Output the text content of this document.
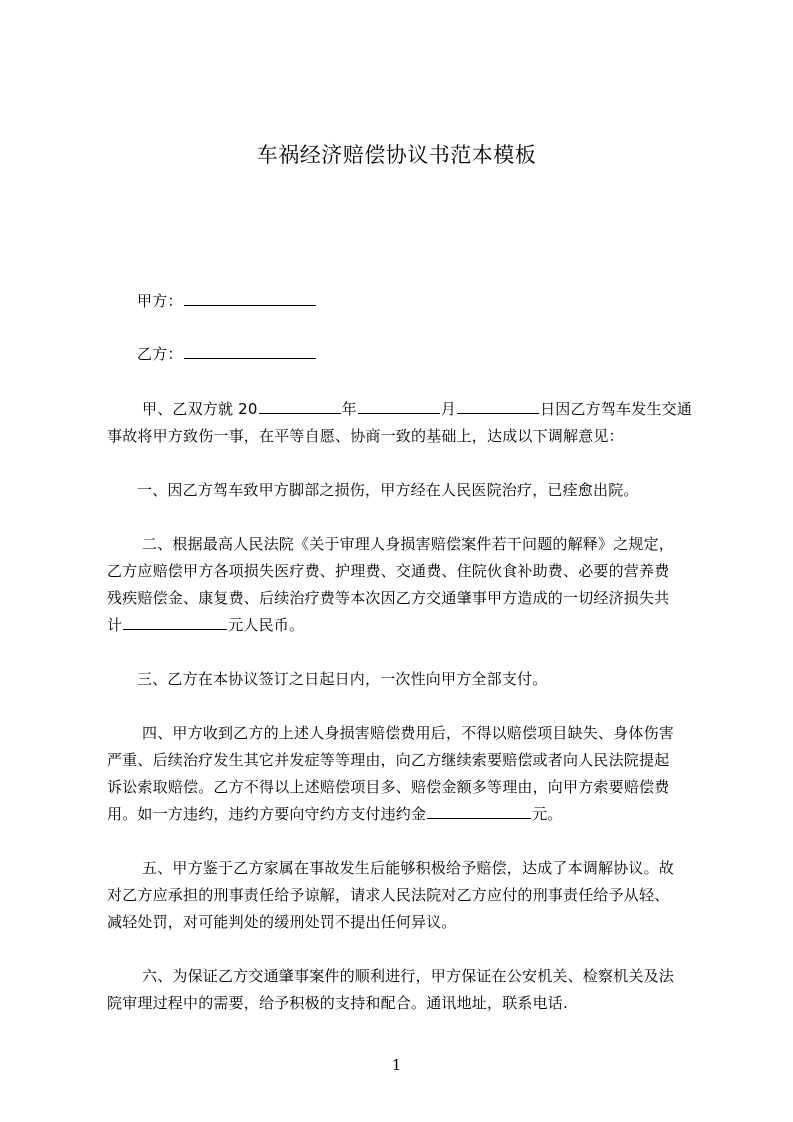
车祸经济赔偿协议书范本模板
甲方：
乙方：
甲、乙双方就 20	年	月	日因乙方驾车发生交通
事故将甲方致伤一事，在平等自愿、协商一致的基础上，达成以下调解意见：
一、因乙方驾车致甲方脚部之损伤，甲方经在人民医院治疗，已痊愈出院。
二、根据最高人民法院《关于审理人身损害赔偿案件若干问题的解释》之规定，
乙方应赔偿甲方各项损失医疗费、护理费、交通费、住院伙食补助费、必要的营养费
残疾赔偿金、康复费、后续治疗费等本次因乙方交通肇事甲方造成的一切经济损失共
计	元人民币。
三、乙方在本协议签订之日起日内，一次性向甲方全部支付。
四、甲方收到乙方的上述人身损害赔偿费用后，不得以赔偿项目缺失、身体伤害
严重、后续治疗发生其它并发症等等理由，向乙方继续索要赔偿或者向人民法院提起
诉讼索取赔偿。乙方不得以上述赔偿项目多、赔偿金额多等理由，向甲方索要赔偿费
用。如一方违约，违约方要向守约方支付违约金	元。
五、甲方鉴于乙方家属在事故发生后能够积极给予赔偿，达成了本调解协议。故
对乙方应承担的刑事责任给予谅解，请求人民法院对乙方应付的刑事责任给予从轻、
减轻处罚，对可能判处的缓刑处罚不提出任何异议。
六、为保证乙方交通肇事案件的顺利进行，甲方保证在公安机关、检察机关及法
院审理过程中的需要，给予积极的支持和配合。通讯地址，联系电话.
1
